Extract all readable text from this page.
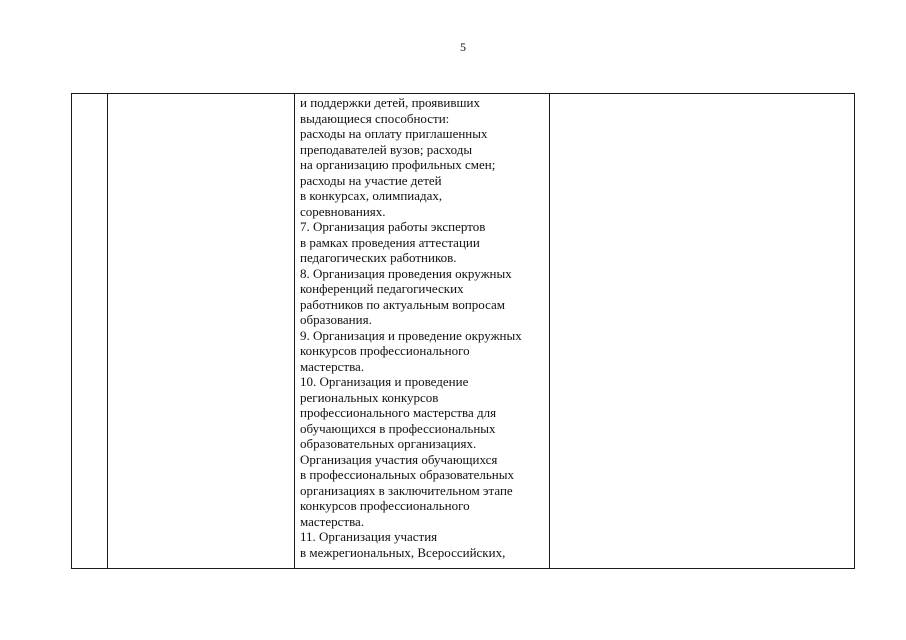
5

и поддержки детей, проявивших
выдающиеся способности:
расходы на оплату приглашенных
преподавателей вузов; расходы
на организацию профильных смен;
расходы на участие детей
в конкурсах, олимпиадах,
соревнованиях.
7. Организация работы экспертов
в рамках проведения аттестации
педагогических работников.
8. Организация проведения окружных
конференций педагогических
работников по актуальным вопросам
образования.
9. Организация и проведение окружных
конкурсов профессионального
мастерства.
10. Организация и проведение
региональных конкурсов
профессионального мастерства для
обучающихся в профессиональных
образовательных организациях.
Организация участия обучающихся
в профессиональных образовательных
организациях в заключительном этапе
конкурсов профессионального
мастерства.
11. Организация участия
в межрегиональных, Всероссийских,
